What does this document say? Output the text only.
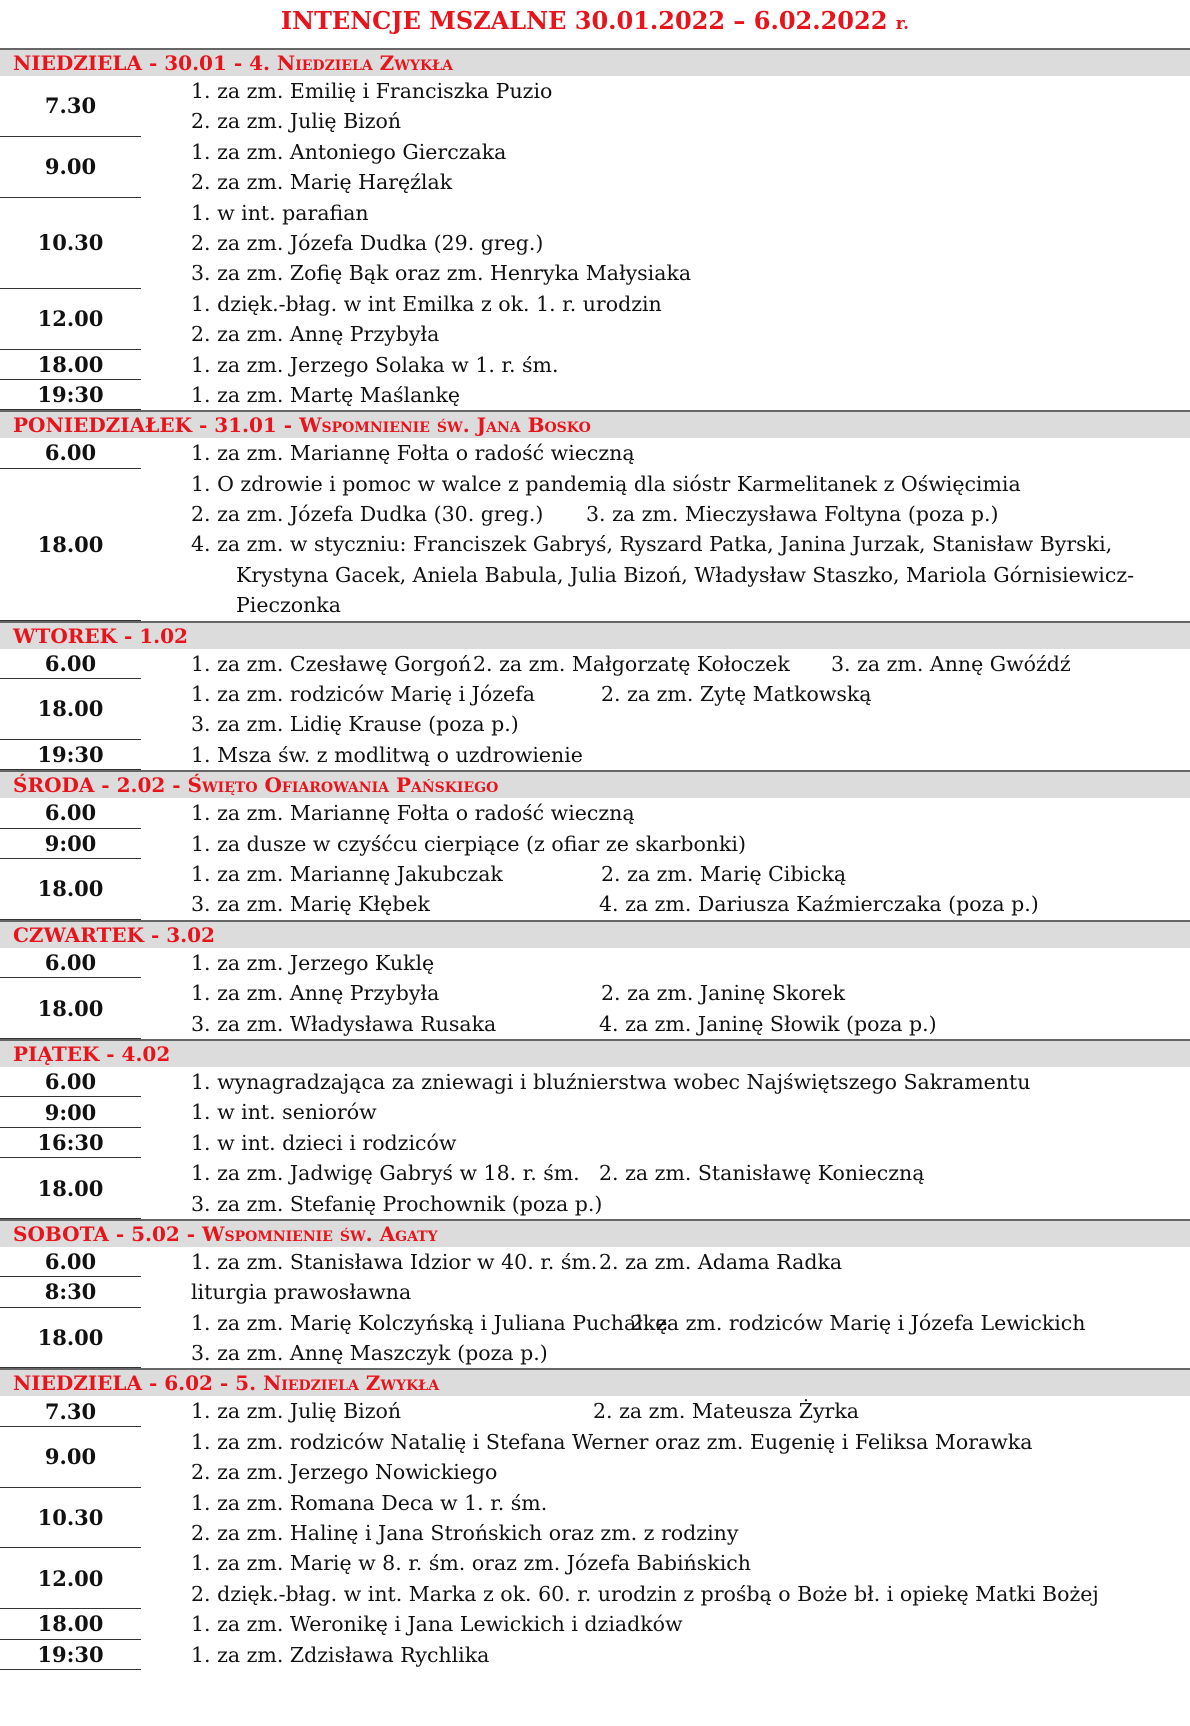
INTENCJE MSZALNE 30.01.2022 – 6.02.2022 r.
NIEDZIELA - 30.01 - 4. Niedziela Zwykła
7.30
1. za zm. Emilię i Franciszka Puzio
2. za zm. Julię Bizoń
9.00
1. za zm. Antoniego Gierczaka
2. za zm. Marię Haręźlak
10.30
1. w int. parafian
2. za zm. Józefa Dudka (29. greg.)
3. za zm. Zofię Bąk oraz zm. Henryka Małysiaka
12.00
1. dzięk.-błag. w int Emilka z ok. 1. r. urodzin
2. za zm. Annę Przybyła
18.00	1. za zm. Jerzego Solaka w 1. r. śm.
19:30	1. za zm. Martę Maślankę
PONIEDZIAŁEK - 31.01 - Wspomnienie św. Jana Bosko
6.00	1. za zm. Mariannę Fołta o radość wieczną
18.00
1. O zdrowie i pomoc w walce z pandemią dla sióstr Karmelitanek z Oświęcimia
2. za zm. Józefa Dudka (30. greg.) 3. za zm. Mieczysława Foltyna (poza p.)
4. za zm. w styczniu: Franciszek Gabryś, Ryszard Patka, Janina Jurzak, Stanisław Byrski,
Krystyna Gacek, Aniela Babula, Julia Bizoń, Władysław Staszko, Mariola Górnisiewicz-
Pieczonka
WTOREK - 1.02
6.00	1. za zm. Czesławę Gorgoń 2. za zm. Małgorzatę Kołoczek 3. za zm. Annę Gwóźdź
18.00
1. za zm. rodziców Marię i Józefa	2. za zm. Zytę Matkowską
3. za zm. Lidię Krause (poza p.)
19:30	1. Msza św. z modlitwą o uzdrowienie
ŚRODA - 2.02 - Święto Ofiarowania Pańskiego
6.00	1. za zm. Mariannę Fołta o radość wieczną
9:00	1. za dusze w czyśćcu cierpiące (z ofiar ze skarbonki)
18.00
1. za zm. Mariannę Jakubczak	2. za zm. Marię Cibicką
3. za zm. Marię Kłębek	4. za zm. Dariusza Kaźmierczaka (poza p.)
CZWARTEK - 3.02
6.00	1. za zm. Jerzego Kuklę
18.00
1. za zm. Annę Przybyła	2. za zm. Janinę Skorek
3. za zm. Władysława Rusaka	4. za zm. Janinę Słowik (poza p.)
PIĄTEK - 4.02
6.00	1. wynagradzająca za zniewagi i bluźnierstwa wobec Najświętszego Sakramentu
9:00	1. w int. seniorów
16:30	1. w int. dzieci i rodziców
18.00
1. za zm. Jadwigę Gabryś w 18. r. śm. 2. za zm. Stanisławę Konieczną
3. za zm. Stefanię Prochownik (poza p.)
SOBOTA - 5.02 - Wspomnienie św. Agaty
6.00	1. za zm. Stanisława Idzior w 40. r. śm. 2. za zm. Adama Radka
8:30	liturgia prawosławna
18.00
1. za zm. Marię Kolczyńską i Juliana Puchałkę
2. za zm. rodziców Marię i Józefa Lewickich
3. za zm. Annę Maszczyk (poza p.)
NIEDZIELA - 6.02 - 5. Niedziela Zwykła
7.30	1. za zm. Julię Bizoń	2. za zm. Mateusza Żyrka
9.00
1. za zm. rodziców Natalię i Stefana Werner oraz zm. Eugenię i Feliksa Morawka
2. za zm. Jerzego Nowickiego
10.30
1. za zm. Romana Deca w 1. r. śm.
2. za zm. Halinę i Jana Strońskich oraz zm. z rodziny
12.00
1. za zm. Marię w 8. r. śm. oraz zm. Józefa Babińskich
2. dzięk.-błag. w int. Marka z ok. 60. r. urodzin z prośbą o Boże bł. i opiekę Matki Bożej
18.00	1. za zm. Weronikę i Jana Lewickich i dziadków
19:30	1. za zm. Zdzisława Rychlika
